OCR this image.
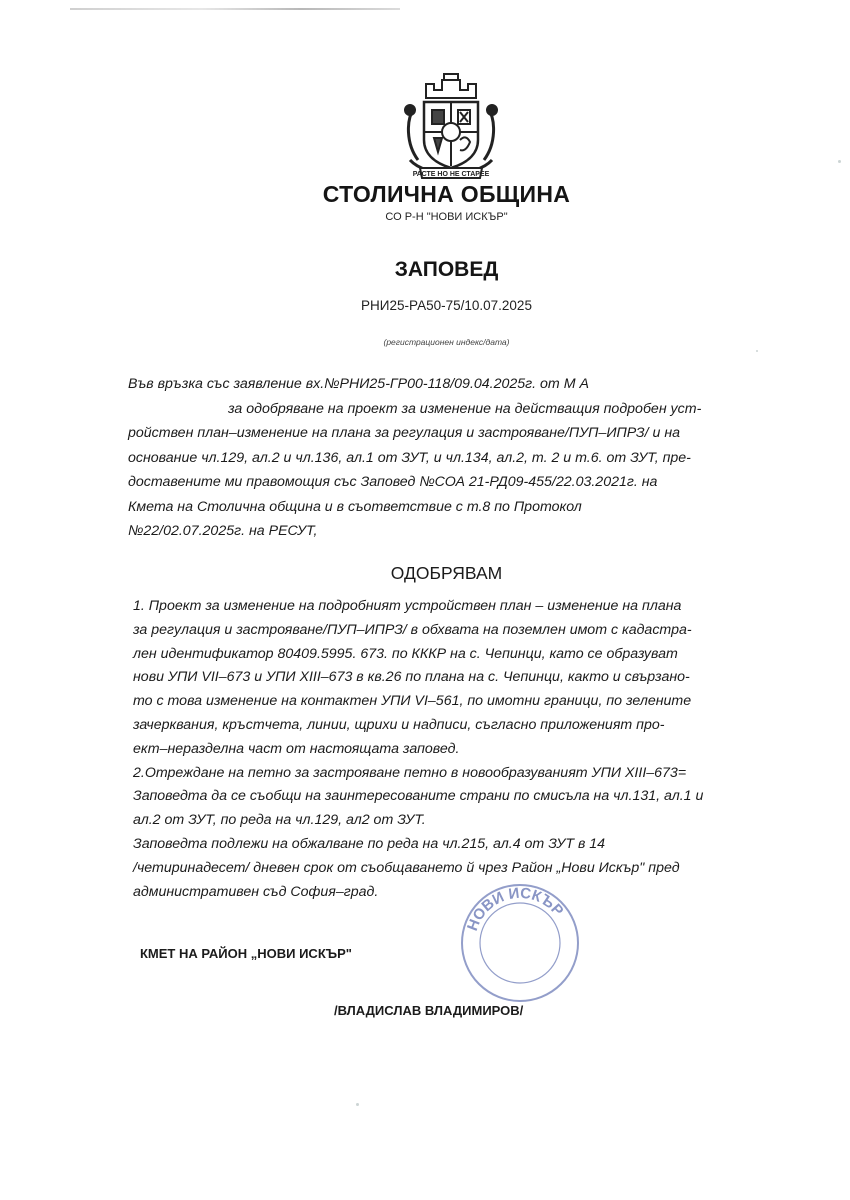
РАСТЕ НО НЕ СТАРЕЕ
СТОЛИЧНА ОБЩИНА
СО Р-Н "НОВИ ИСКЪР"
ЗАПОВЕД
РНИ25-РА50-75/10.07.2025
(регистрационен индекс/дата)
Във връзка със заявление вх.№РНИ25-ГР00-118/09.04.2025г. от М А
за одобряване на проект за изменение на действащия подробен уст-
ройствен план–изменение на плана за регулация и застрояване/ПУП–ИПРЗ/ и на
основание чл.129, ал.2 и чл.136, ал.1 от ЗУТ, и чл.134, ал.2, т. 2 и т.6. от ЗУТ, пре-
доставените ми правомощия със Заповед №СОА 21-РД09-455/22.03.2021г. на
Кмета на Столична община и в съответствие с т.8 по Протокол
№22/02.07.2025г. на РЕСУТ,
ОДОБРЯВАМ
1. Проект за изменение на подробният устройствен план – изменение на плана
за регулация и застрояване/ПУП–ИПРЗ/ в обхвата на поземлен имот с кадастра-
лен идентификатор 80409.5995. 673. по КККР на с. Чепинци, като се образуват
нови УПИ VII–673 и УПИ XIII–673 в кв.26 по плана на с. Чепинци, както и свързано-
то с това изменение на контактен УПИ VI–561, по имотни граници, по зелените
зачерквания, кръстчета, линии, щрихи и надписи, съгласно приложеният про-
ект–неразделна част от настоящата заповед.
2.Отреждане на петно за застрояване петно в новообразуваният УПИ XIII–673=
Заповедта да се съобщи на заинтересованите страни по смисъла на чл.131, ал.1 и
ал.2 от ЗУТ, по реда на чл.129, ал2 от ЗУТ.
Заповедта подлежи на обжалване по реда на чл.215, ал.4 от ЗУТ в 14
/четиринадесет/ дневен срок от съобщаването й чрез Район „Нови Искър" пред
административен съд София–град.
НОВИ ИСКЪР
КМЕТ НА РАЙОН „НОВИ ИСКЪР"
/ВЛАДИСЛАВ ВЛАДИМИРОВ/
